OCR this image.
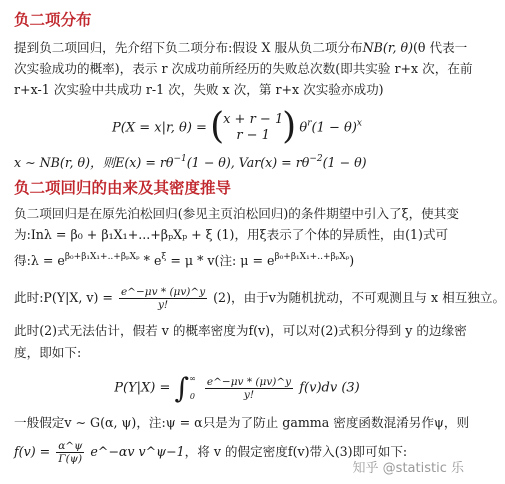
负二项分布
提到负二项回归，先介绍下负二项分布:假设 X 服从负二项分布NB(r, θ)(θ 代表一
次实验成功的概率)，表示 r 次成功前所经历的失败总次数(即共实验 r+x 次，在前
r+x-1 次实验中共成功 r-1 次，失败 x 次，第 r+x 次实验亦成功)
P(X = x|r, θ) = (
x + r − 1
r − 1 ) $\theta^r(1 - \theta)^x$
x ∼ NB(r, θ)，则$E(x) = r\theta^{-1}(1 - \theta)$, $Var(x) = r\theta^{-2}(1 - \theta)$
负二项回归的由来及其密度推导
负二项回归是在原先泊松回归(参见主页泊松回归)的条件期望中引入了ξ，使其变
为:Inλ = β₀ + β₁X₁+...+βₚXₚ + ξ (1)，用ξ表示了个体的异质性，由(1)式可
得:λ = $e^{\beta_0+\beta_1X_1+..+\beta_pX_p} * e^\xi = \mu * v$(注: $\mu = e^{\beta_0+\beta_1X_1+..+\beta_pX_p}$)
此时:P(Y|X, $v) = \frac{e\^{}-\mu v * (\mu v)\^{}y}{y!} (2)$，由于v为随机扰动，不可观测且与 x 相互独立。
此时(2)式无法估计，假若 v 的概率密度为f(v)，可以对(2)式积分得到 y 的边缘密
度，即如下:
P(Y|X) = ∫ ∞
0
$\frac{e\^{}-\mu v * (\mu v)\^{}y}{y!} f(v)dv$ (3)
一般假定v ∼ G(α, ψ)，注:ψ = α只是为了防止 gamma 密度函数混淆另作ψ，则
$f(v) = \frac{\alpha\^{}\psi}{\Gamma(\psi)}$ e^−αv v^ψ−1，将 v 的假定密度f(v)带入(3)即可如下:
知乎 @statistic 乐
